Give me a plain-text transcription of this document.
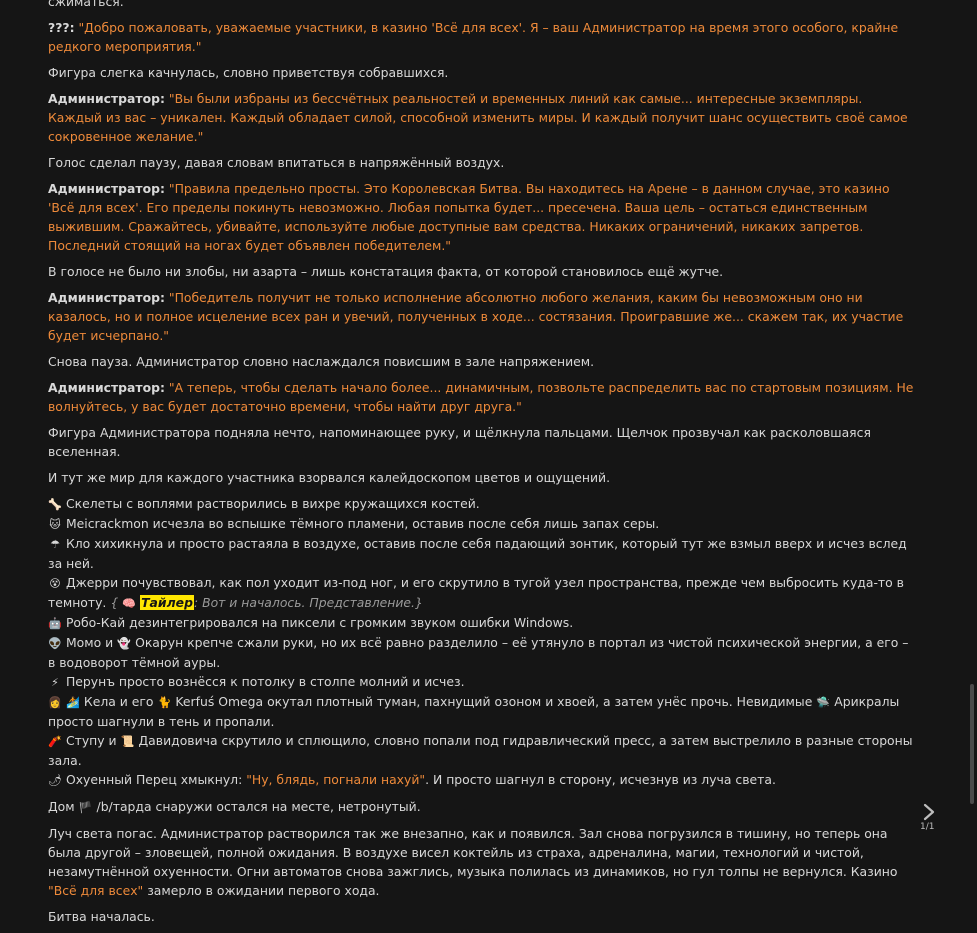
сжиматься.
???: "Добро пожаловать, уважаемые участники, в казино 'Всё для всех'. Я – ваш Администратор на время этого особого, крайне редкого мероприятия."
Фигура слегка качнулась, словно приветствуя собравшихся.
Администратор: "Вы были избраны из бессчётных реальностей и временных линий как самые... интересные экземпляры. Каждый из вас – уникален. Каждый обладает силой, способной изменить миры. И каждый получит шанс осуществить своё самое сокровенное желание."
Голос сделал паузу, давая словам впитаться в напряжённый воздух.
Администратор: "Правила предельно просты. Это Королевская Битва. Вы находитесь на Арене – в данном случае, это казино 'Всё для всех'. Его пределы покинуть невозможно. Любая попытка будет... пресечена. Ваша цель – остаться единственным выжившим. Сражайтесь, убивайте, используйте любые доступные вам средства. Никаких ограничений, никаких запретов. Последний стоящий на ногах будет объявлен победителем."
В голосе не было ни злобы, ни азарта – лишь констатация факта, от которой становилось ещё жутче.
Администратор: "Победитель получит не только исполнение абсолютно любого желания, каким бы невозможным оно ни казалось, но и полное исцеление всех ран и увечий, полученных в ходе... состязания. Проигравшие же... скажем так, их участие будет исчерпано."
Снова пауза. Администратор словно наслаждался повисшим в зале напряжением.
Администратор: "А теперь, чтобы сделать начало более... динамичным, позвольте распределить вас по стартовым позициям. Не волнуйтесь, у вас будет достаточно времени, чтобы найти друг друга."
Фигура Администратора подняла нечто, напоминающее руку, и щёлкнула пальцами. Щелчок прозвучал как расколовшаяся вселенная.
И тут же мир для каждого участника взорвался калейдоскопом цветов и ощущений.
🦴 Скелеты с воплями растворились в вихре кружащихся костей.
🐱 Meicrackmon исчезла во вспышке тёмного пламени, оставив после себя лишь запах серы.
☂ Кло хихикнула и просто растаяла в воздухе, оставив после себя падающий зонтик, который тут же взмыл вверх и исчез вслед за ней.
😵 Джерри почувствовал, как пол уходит из-под ног, и его скрутило в тугой узел пространства, прежде чем выбросить куда-то в темноту. { 🧠 Тайлер: Вот и началось. Представление.}
🤖 Робо-Кай дезинтегрировался на пиксели с громким звуком ошибки Windows.
👽 Момо и 👻 Окарун крепче сжали руки, но их всё равно разделило – её утянуло в портал из чистой психической энергии, а его – в водоворот тёмной ауры.
⚡ Перунъ просто вознёсся к потолку в столпе молний и исчез.
👩 🏄 Кела и его 🐈 Kerfuś Omega окутал плотный туман, пахнущий озоном и хвоей, а затем унёс прочь. Невидимые 🛸 Арикралы просто шагнули в тень и пропали.
🧨 Ступу и 📜 Давидовича скрутило и сплющило, словно попали под гидравлический пресс, а затем выстрелило в разные стороны зала.
🌶 Охуенный Перец хмыкнул: "Ну, блядь, погнали нахуй". И просто шагнул в сторону, исчезнув из луча света.
Дом 🏴 /b/тарда снаружи остался на месте, нетронутый.
Луч света погас. Администратор растворился так же внезапно, как и появился. Зал снова погрузился в тишину, но теперь она была другой – зловещей, полной ожидания. В воздухе висел коктейль из страха, адреналина, магии, технологий и чистой, незамутнённой охуенности. Огни автоматов снова зажглись, музыка полилась из динамиков, но гул толпы не вернулся. Казино "Всё для всех" замерло в ожидании первого хода.
Битва началась.
1/1
